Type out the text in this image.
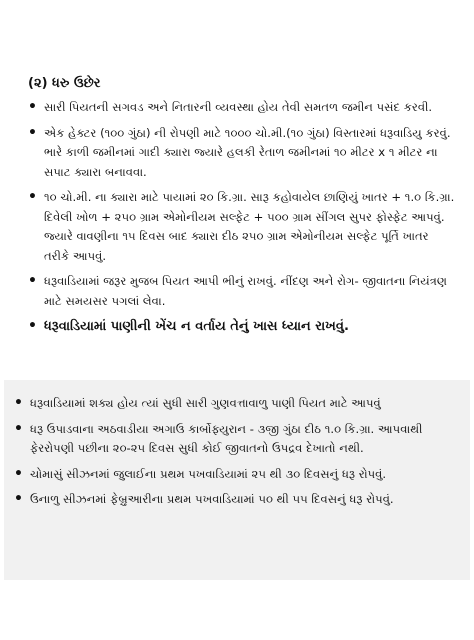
(૨) ધરુ ઉછેર
• સારી પિયતની સગવડ અને નિતારની વ્યવસ્થા હોય તેવી સમતળ જમીન પસંદ કરવી.
• એક હેક્ટર (૧૦૦ ગુંઠા) ની રોપણી માટે ૧૦૦૦ ચો.મી.(૧૦ ગુંઠા) વિસ્તારમાં ધરૂવાડિયુ કરવું. ભારે કાળી જમીનમાં ગાદી ક્યારા જ્યારે હલકી રેતાળ જમીનમાં ૧૦ મીટર x ૧ મીટર ના સપાટ ક્યારા બનાવવા.
• ૧૦ ચો.મી. ના ક્યારા માટે પાયામાં ૨૦ કિ.ગ્રા. સારૂ કહોવાયેલ છાણિયું ખાતર + ૧.૦ કિ.ગ્રા. દિવેલી ખોળ + ૨૫૦ ગ્રામ એમોનીયમ સલ્ફેટ + ૫૦૦ ગ્રામ સીંગલ સુપર ફોસ્ફેટ આપવું. જ્યારે વાવણીના ૧૫ દિવસ બાદ ક્યારા દીઠ ૨૫૦ ગ્રામ એમોનીયમ સલ્ફેટ પૂર્તિ ખાતર તરીકે આપવું.
• ધરૂવાડિયામાં જરૂર મુજબ પિયત આપી ભીનું રાખવું. નીંદણ અને રોગ- જીવાતના નિયંત્રણ માટે સમયસર પગલાં લેવા.
• ધરૂવાડિયામાં પાણીની ખેંચ ન વર્તાય તેનું ખાસ ધ્યાન રાખવું.
• ધરૂવાડિયામાં શક્ય હોય ત્યાં સુધી સારી ગુણવત્તાવાળુ પાણી પિયત માટે આપવું
• ધરૂ ઉપાડવાના અઠવાડીયા અગાઉ કાર્બોફ્યુરાન - ૩જી ગુંઠા દીઠ ૧.૦ કિ.ગ્રા. આપવાથી ફેરરોપણી પછીના ૨૦-૨૫ દિવસ સુધી કોઈ જીવાતનો ઉપદ્રવ દેખાતો નથી.
• ચોમાસું સીઝનમાં જુલાઈના પ્રથમ પખવાડિયામાં ૨૫ થી ૩૦ દિવસનું ધરૂ રોપવું.
• ઉનાળુ સીઝનમાં ફેબ્રુઆરીના પ્રથમ પખવાડિયામાં ૫૦ થી ૫૫ દિવસનું ધરૂ રોપવું.
